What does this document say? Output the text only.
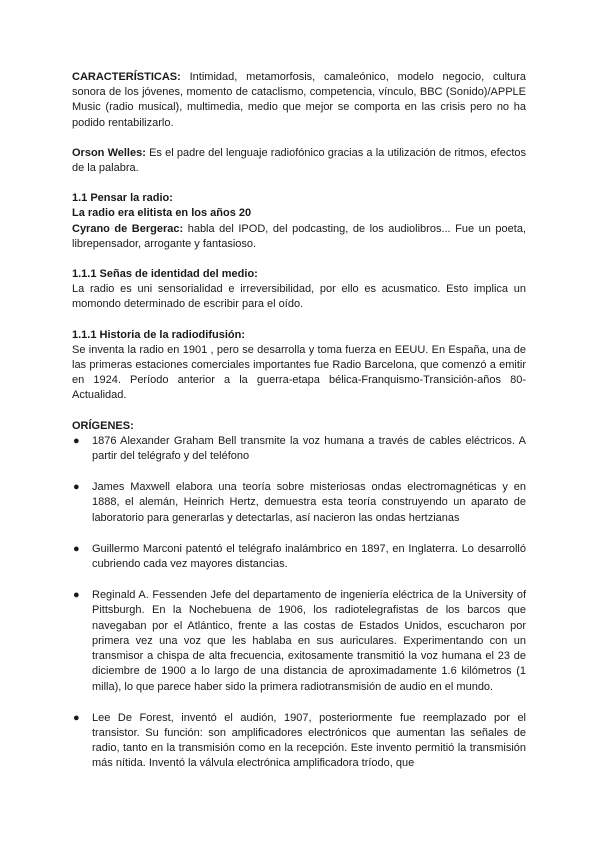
CARACTERÍSTICAS: Intimidad, metamorfosis, camaleónico, modelo negocio, cultura sonora de los jóvenes, momento de cataclismo, competencia, vínculo, BBC (Sonido)/APPLE Music (radio musical), multimedia, medio que mejor se comporta en las crisis pero no ha podido rentabilizarlo.

Orson Welles: Es el padre del lenguaje radiofónico gracias a la utilización de ritmos, efectos de la palabra.

1.1 Pensar la radio:
La radio era elitista en los años 20

Cyrano de Bergerac: habla del IPOD, del podcasting, de los audiolibros... Fue un poeta, librepensador, arrogante y fantasioso.

1.1.1 Señas de identidad del medio:

La radio es uni sensorialidad e irreversibilidad, por ello es acusmatico. Esto implica un momondo determinado de escribir para el oído.

1.1.1 Historia de la radiodifusión:

Se inventa la radio en 1901 , pero se desarrolla y toma fuerza en EEUU. En España, una de las primeras estaciones comerciales importantes fue Radio Barcelona, que comenzó a emitir en 1924. Período anterior a la guerra-etapa bélica-Franquismo-Transición-años 80-Actualidad.

ORÍGENES:
●	1876 Alexander Graham Bell transmite la voz humana a través de cables eléctricos. A partir del telégrafo y del teléfono
●	James Maxwell elabora una teoría sobre misteriosas ondas electromagnéticas y en 1888, el alemán, Heinrich Hertz, demuestra esta teoría construyendo un aparato de laboratorio para generarlas y detectarlas, así nacieron las ondas hertzianas
●	Guillermo Marconi patentó el telégrafo inalámbrico en 1897, en Inglaterra. Lo desarrolló cubriendo cada vez mayores distancias.
●	Reginald A. Fessenden Jefe del departamento de ingeniería eléctrica de la University of Pittsburgh. En la Nochebuena de 1906, los radiotelegrafistas de los barcos que navegaban por el Atlántico, frente a las costas de Estados Unidos, escucharon por primera vez una voz que les hablaba en sus auriculares. Experimentando con un transmisor a chispa de alta frecuencia, exitosamente transmitió la voz humana el 23 de diciembre de 1900 a lo largo de una distancia de aproximadamente 1.6 kilómetros (1 milla), lo que parece haber sido la primera radiotransmisión de audio en el mundo.
●	Lee De Forest, inventó el audión, 1907, posteriormente fue reemplazado por el transistor. Su función: son amplificadores electrónicos que aumentan las señales de radio, tanto en la transmisión como en la recepción. Este invento permitió la transmisión más nítida. Inventó la válvula electrónica amplificadora tríodo, que
